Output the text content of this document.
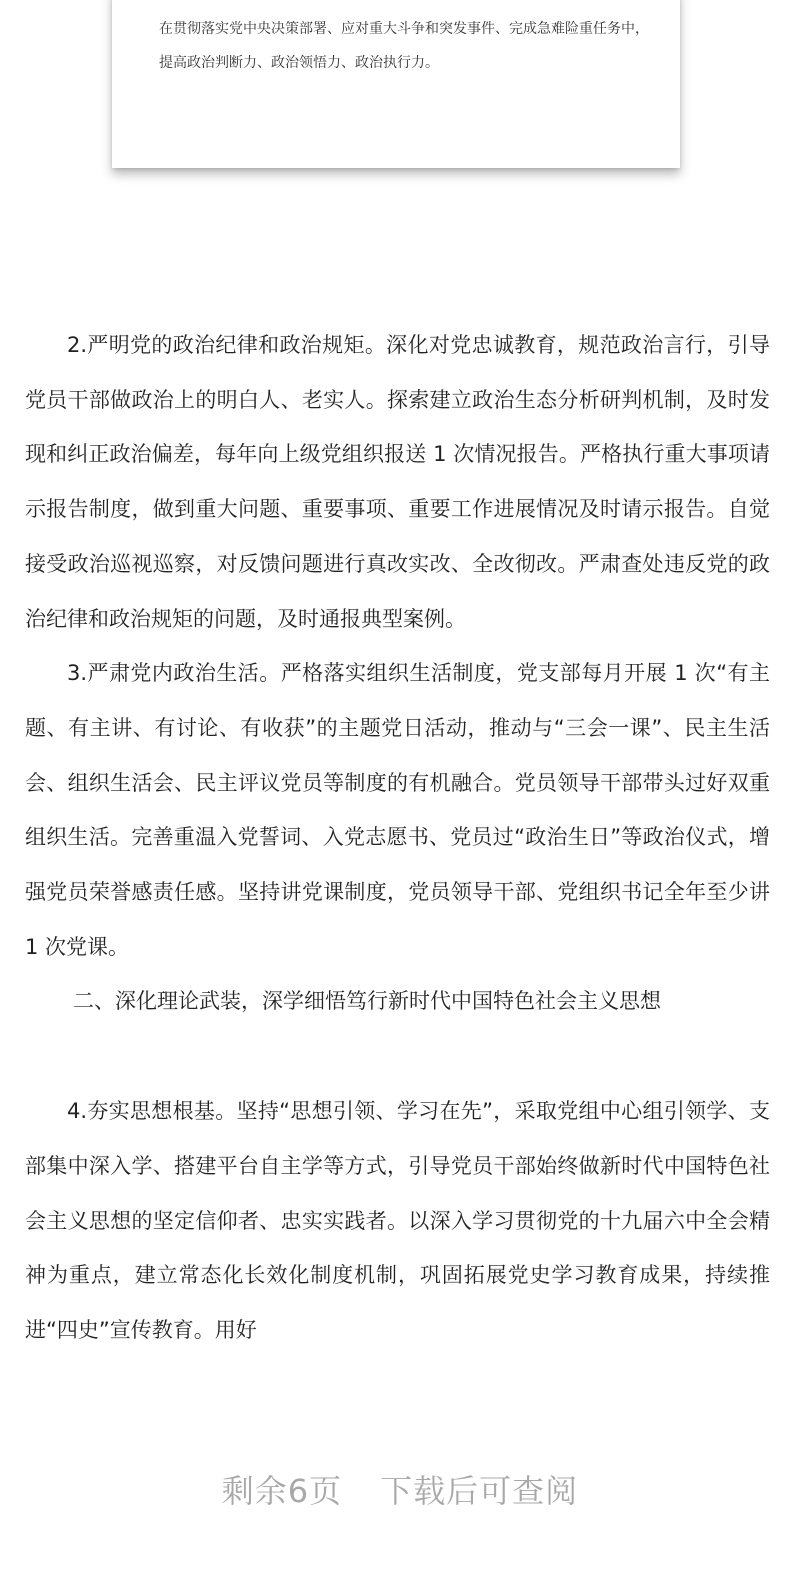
在贯彻落实党中央决策部署、应对重大斗争和突发事件、完成急难险重任务中，提高政治判断力、政治领悟力、政治执行力。

2.严明党的政治纪律和政治规矩。深化对党忠诚教育，规范政治言行，引导党员干部做政治上的明白人、老实人。探索建立政治生态分析研判机制，及时发现和纠正政治偏差，每年向上级党组织报送 1 次情况报告。严格执行重大事项请示报告制度，做到重大问题、重要事项、重要工作进展情况及时请示报告。自觉接受政治巡视巡察，对反馈问题进行真改实改、全改彻改。严肃查处违反党的政治纪律和政治规矩的问题，及时通报典型案例。

3.严肃党内政治生活。严格落实组织生活制度，党支部每月开展 1 次“有主题、有主讲、有讨论、有收获”的主题党日活动，推动与“三会一课”、民主生活会、组织生活会、民主评议党员等制度的有机融合。党员领导干部带头过好双重组织生活。完善重温入党誓词、入党志愿书、党员过“政治生日”等政治仪式，增强党员荣誉感责任感。坚持讲党课制度，党员领导干部、党组织书记全年至少讲 1 次党课。

二、深化理论武装，深学细悟笃行新时代中国特色社会主义思想

4.夯实思想根基。坚持“思想引领、学习在先”，采取党组中心组引领学、支部集中深入学、搭建平台自主学等方式，引导党员干部始终做新时代中国特色社会主义思想的坚定信仰者、忠实实践者。以深入学习贯彻党的十九届六中全会精神为重点，建立常态化长效化制度机制，巩固拓展党史学习教育成果，持续推进“四史”宣传教育。用好

剩余6页 下载后可查阅
